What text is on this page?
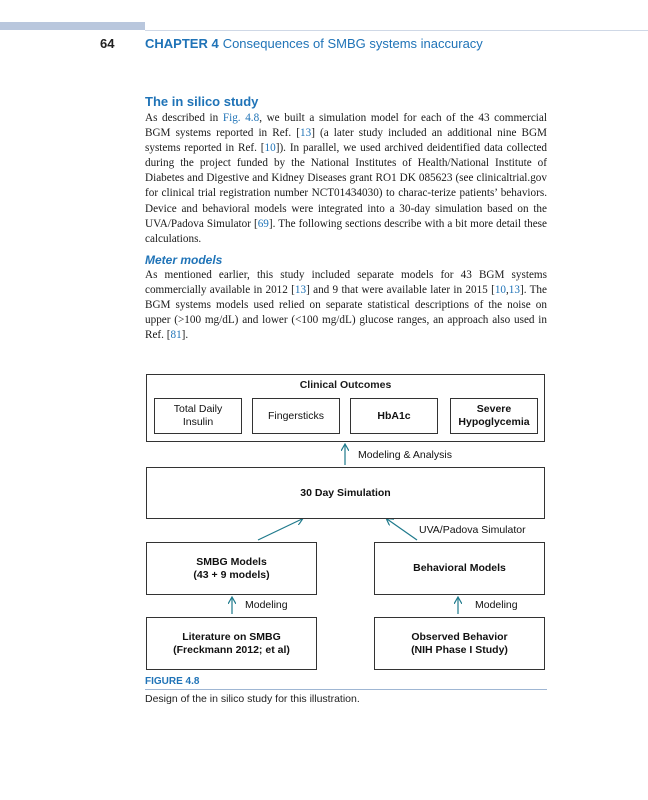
64 CHAPTER 4 Consequences of SMBG systems inaccuracy
The in silico study

As described in Fig. 4.8, we built a simulation model for each of the 43 commercial BGM systems reported in Ref. [13] (a later study included an additional nine BGM systems reported in Ref. [10]). In parallel, we used archived deidentified data collected during the project funded by the National Institutes of Health/National Institute of Diabetes and Digestive and Kidney Diseases grant RO1 DK 085623 (see clinicaltrial.gov for clinical trial registration number NCT01434030) to charac-terize patients’ behaviors. Device and behavioral models were integrated into a 30-day simulation based on the UVA/Padova Simulator [69]. The following sections describe with a bit more detail these calculations.

Meter models

As mentioned earlier, this study included separate models for 43 BGM systems commercially available in 2012 [13] and 9 that were available later in 2015 [10,13]. The BGM systems models used relied on separate statistical descriptions of the noise on upper (>100 mg/dL) and lower (<100 mg/dL) glucose ranges, an approach also used in Ref. [81].

Clinical Outcomes
Total Daily
Insulin
Fingersticks	HbA1c
Severe
Hypoglycemia
Modeling & Analysis
30 Day Simulation
UVA/Padova Simulator
SMBG Models
(43 + 9 models)
Behavioral Models
Modeling	Modeling
Literature on SMBG
(Freckmann 2012; et al)
Observed Behavior
(NIH Phase I Study)
FIGURE 4.8
Design of the in silico study for this illustration.
